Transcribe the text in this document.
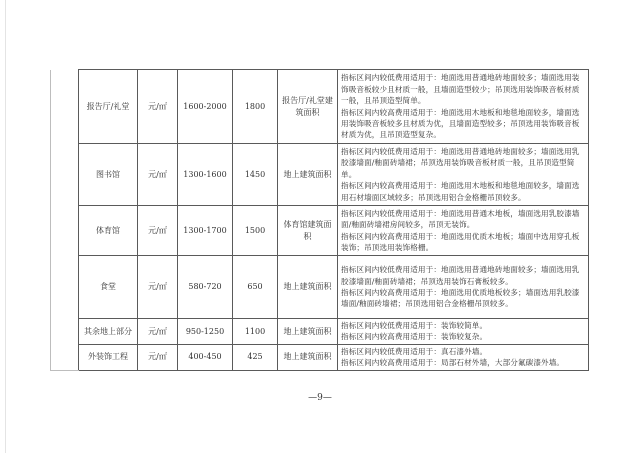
	报告厅/礼堂	元/㎡	1600-2000	1800	报告厅/礼堂建筑面积	指标区间内较低费用适用于：地面选用普通地砖地面较多；墙面选用装饰吸音板较少且材质一般，且墙面造型较少；吊顶选用装饰吸音板材质一般，且吊顶造型简单。
指标区间内较高费用适用于：地面选用木地板和地毯地面较多，墙面选用装饰吸音板较多且材质为优，且墙面造型较多；吊顶选用装饰吸音板材质为优，且吊顶造型复杂。

	图书馆	元/㎡	1300-1600	1450	地上建筑面积	指标区间内较低费用适用于：地面选用普通地砖地面较多；墙面选用乳胶漆墙面/釉面砖墙裙；吊顶选用装饰吸音板材质一般，且吊顶造型简单。
指标区间内较高费用适用于：地面选用木地板和地毯地面较多，墙面选用石材墙面区域较多；吊顶选用铝合金格栅吊顶较多。

	体育馆	元/㎡	1300-1700	1500	体育馆建筑面积	指标区间内较低费用适用于：地面选用普通木地板，墙面选用乳胶漆墙面/釉面砖墙裙房间较多，吊顶无装饰。
指标区间内较高费用适用于：地面选用优质木地板；墙面中选用穿孔板装饰；吊顶选用装饰格栅。

	食堂	元/㎡	580-720	650	地上建筑面积	指标区间内较低费用适用于：地面选用普通地砖地面较多；墙面选用乳胶漆墙面/釉面砖墙裙；吊顶选用装饰石膏板较多。
指标区间内较高费用适用于：地面选用优质地板较多；墙面选用乳胶漆墙面/釉面砖墙裙；吊顶选用铝合金格栅吊顶较多。

	其余地上部分	元/㎡	950-1250	1100	地上建筑面积	指标区间内较低费用适用于：装饰较简单。
指标区间内较高费用适用于：装饰较复杂。

	外装饰工程	元/㎡	400-450	425	地上建筑面积	指标区间内较低费用适用于：真石漆外墙。
指标区间内较高费用适用于：局部石材外墙，大部分氟碳漆外墙。
—9—
